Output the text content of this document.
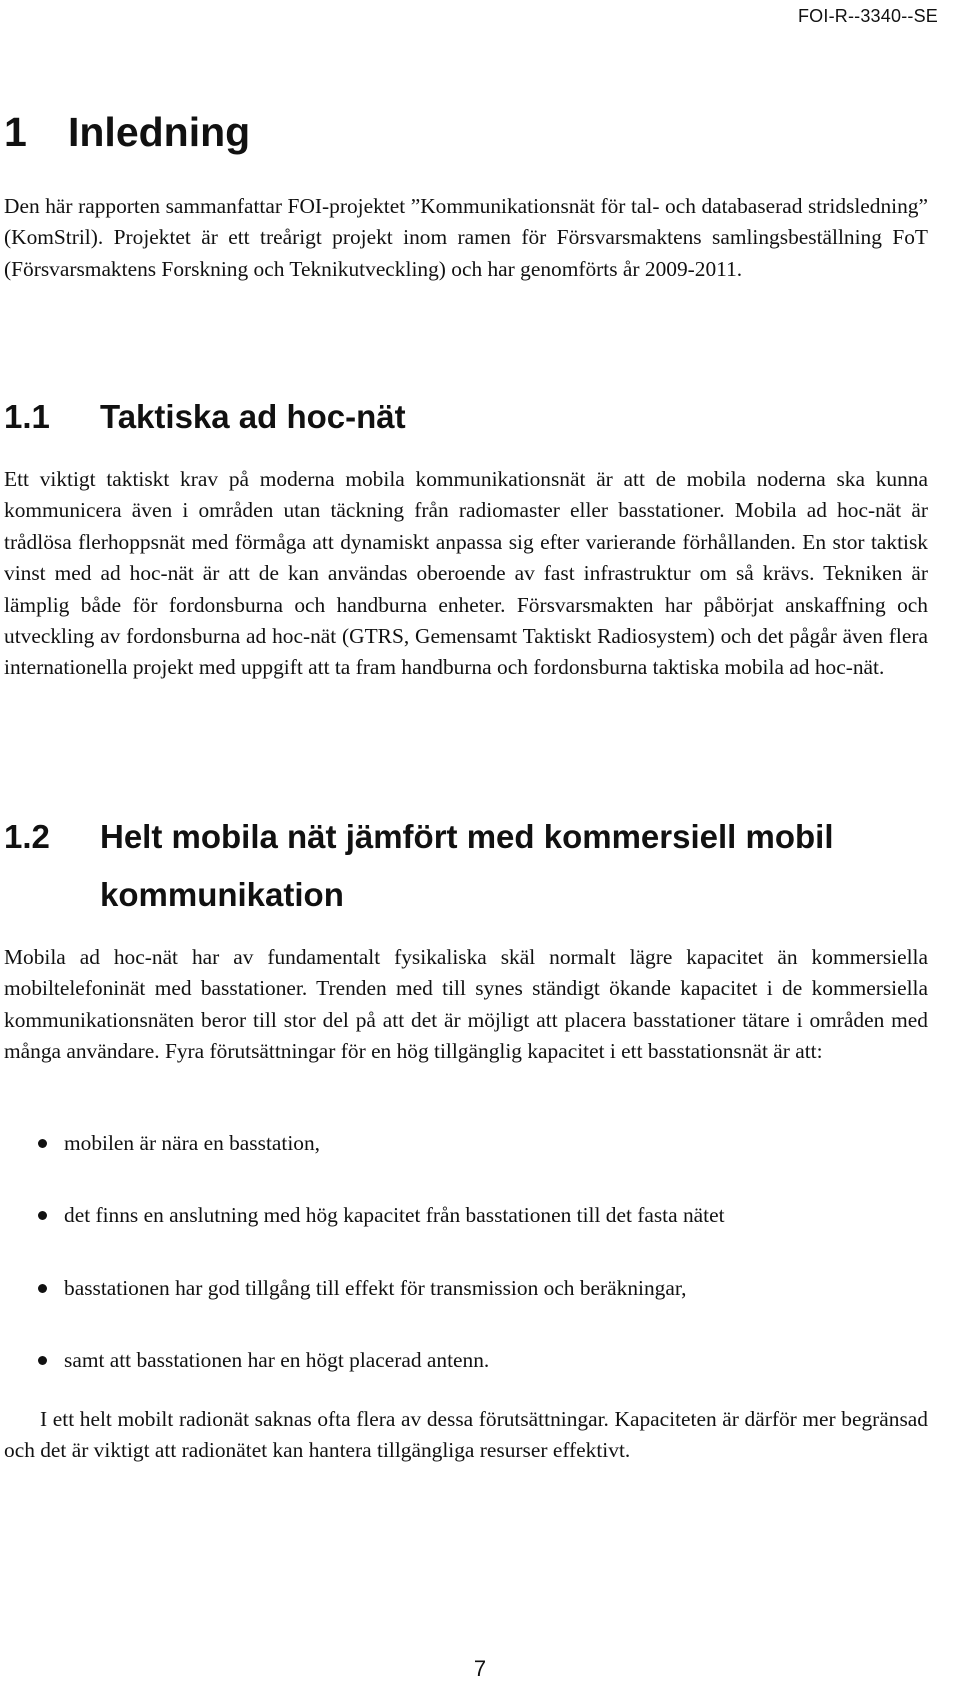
FOI-R--3340--SE
1 Inledning

Den här rapporten sammanfattar FOI-projektet ”Kommunikationsnät för tal- och databaserad stridsledning” (KomStril). Projektet är ett treårigt projekt inom ramen för Försvarsmaktens samlingsbeställning FoT (Försvarsmaktens Forskning och Teknikutveckling) och har genomförts år 2009-2011.

1.1	Taktiska ad hoc-nät

Ett viktigt taktiskt krav på moderna mobila kommunikationsnät är att de mobila noderna ska kunna kommunicera även i områden utan täckning från radiomaster eller basstationer. Mobila ad hoc-nät är trådlösa flerhoppsnät med förmåga att dynamiskt anpassa sig efter varierande förhållanden. En stor taktisk vinst med ad hoc-nät är att de kan användas oberoende av fast infrastruktur om så krävs. Tekniken är lämplig både för fordonsburna och handburna enheter. Försvarsmakten har påbörjat anskaffning och utveckling av fordonsburna ad hoc-nät (GTRS, Gemensamt Taktiskt Radiosystem) och det pågår även flera internationella projekt med uppgift att ta fram handburna och fordonsburna taktiska mobila ad hoc-nät.

1.2	Helt mobila nät jämfört med kommersiell mobil kommunikation

Mobila ad hoc-nät har av fundamentalt fysikaliska skäl normalt lägre kapacitet än kommersiella mobiltelefoninät med basstationer. Trenden med till synes ständigt ökande kapacitet i de kommersiella kommunikationsnäten beror till stor del på att det är möjligt att placera basstationer tätare i områden med många användare. Fyra förutsättningar för en hög tillgänglig kapacitet i ett basstationsnät är att:

mobilen är nära en basstation,
det finns en anslutning med hög kapacitet från basstationen till det fasta nätet
basstationen har god tillgång till effekt för transmission och beräkningar,
samt att basstationen har en högt placerad antenn.

I ett helt mobilt radionät saknas ofta flera av dessa förutsättningar. Kapaciteten är därför mer begränsad och det är viktigt att radionätet kan hantera tillgängliga resurser effektivt.

7
